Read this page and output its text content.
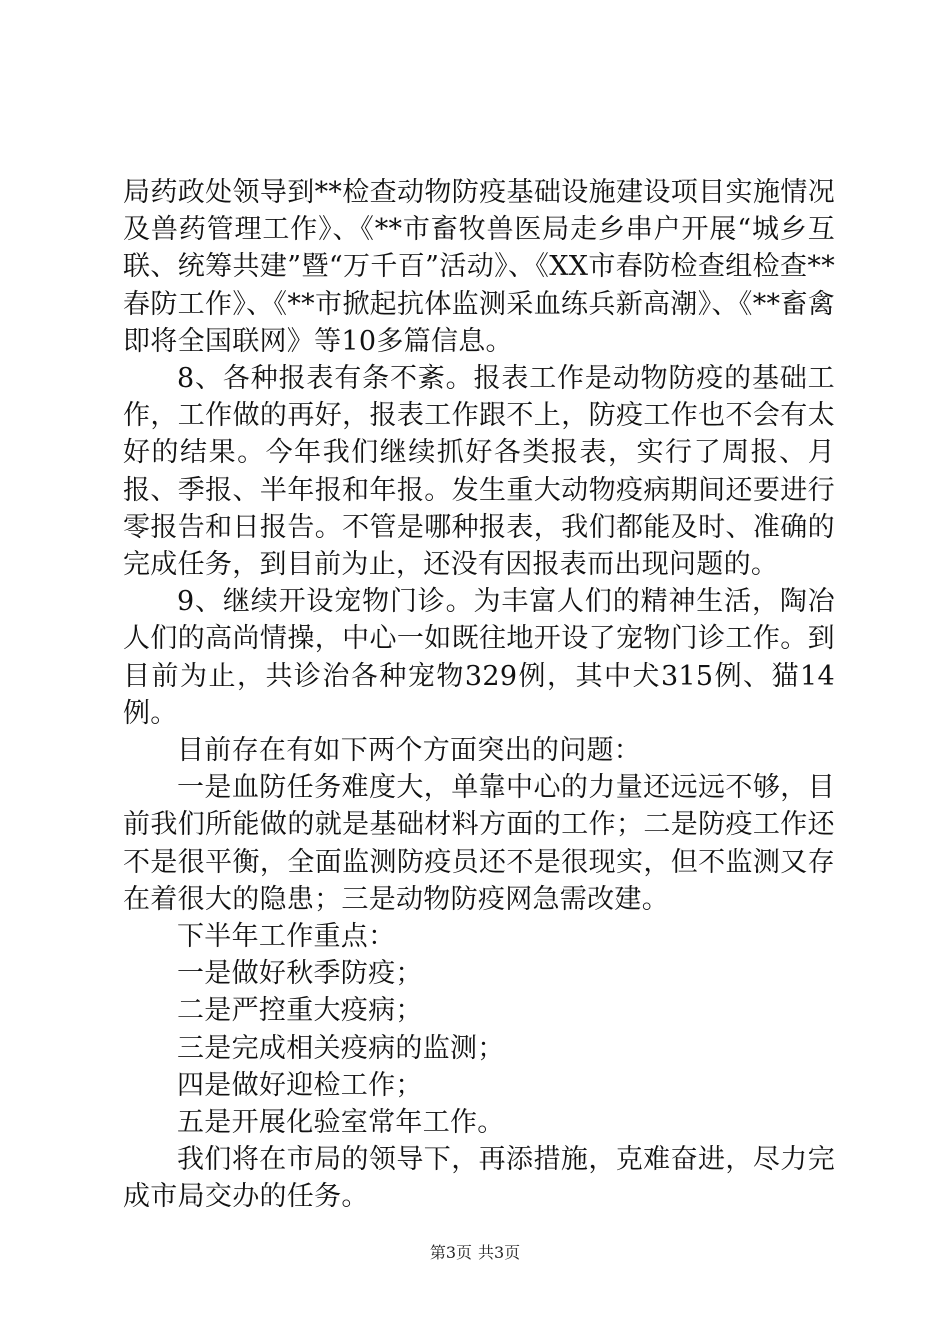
局药政处领导到**检查动物防疫基础设施建设项目实施情况及兽药管理工作》、《**市畜牧兽医局走乡串户开展“城乡互联、统筹共建”暨“万千百”活动》、《XX市春防检查组检查**春防工作》、《**市掀起抗体监测采血练兵新高潮》、《**畜禽即将全国联网》等10多篇信息。

8、各种报表有条不紊。报表工作是动物防疫的基础工作，工作做的再好，报表工作跟不上，防疫工作也不会有太好的结果。今年我们继续抓好各类报表，实行了周报、月报、季报、半年报和年报。发生重大动物疫病期间还要进行零报告和日报告。不管是哪种报表，我们都能及时、准确的完成任务，到目前为止，还没有因报表而出现问题的。

9、继续开设宠物门诊。为丰富人们的精神生活，陶冶人们的高尚情操，中心一如既往地开设了宠物门诊工作。到目前为止，共诊治各种宠物329例，其中犬315例、猫14例。

目前存在有如下两个方面突出的问题：

一是血防任务难度大，单靠中心的力量还远远不够，目前我们所能做的就是基础材料方面的工作；二是防疫工作还不是很平衡，全面监测防疫员还不是很现实，但不监测又存在着很大的隐患；三是动物防疫网急需改建。

下半年工作重点：

一是做好秋季防疫；

二是严控重大疫病；

三是完成相关疫病的监测；

四是做好迎检工作；

五是开展化验室常年工作。

我们将在市局的领导下，再添措施，克难奋进，尽力完成市局交办的任务。

第3页 共3页
